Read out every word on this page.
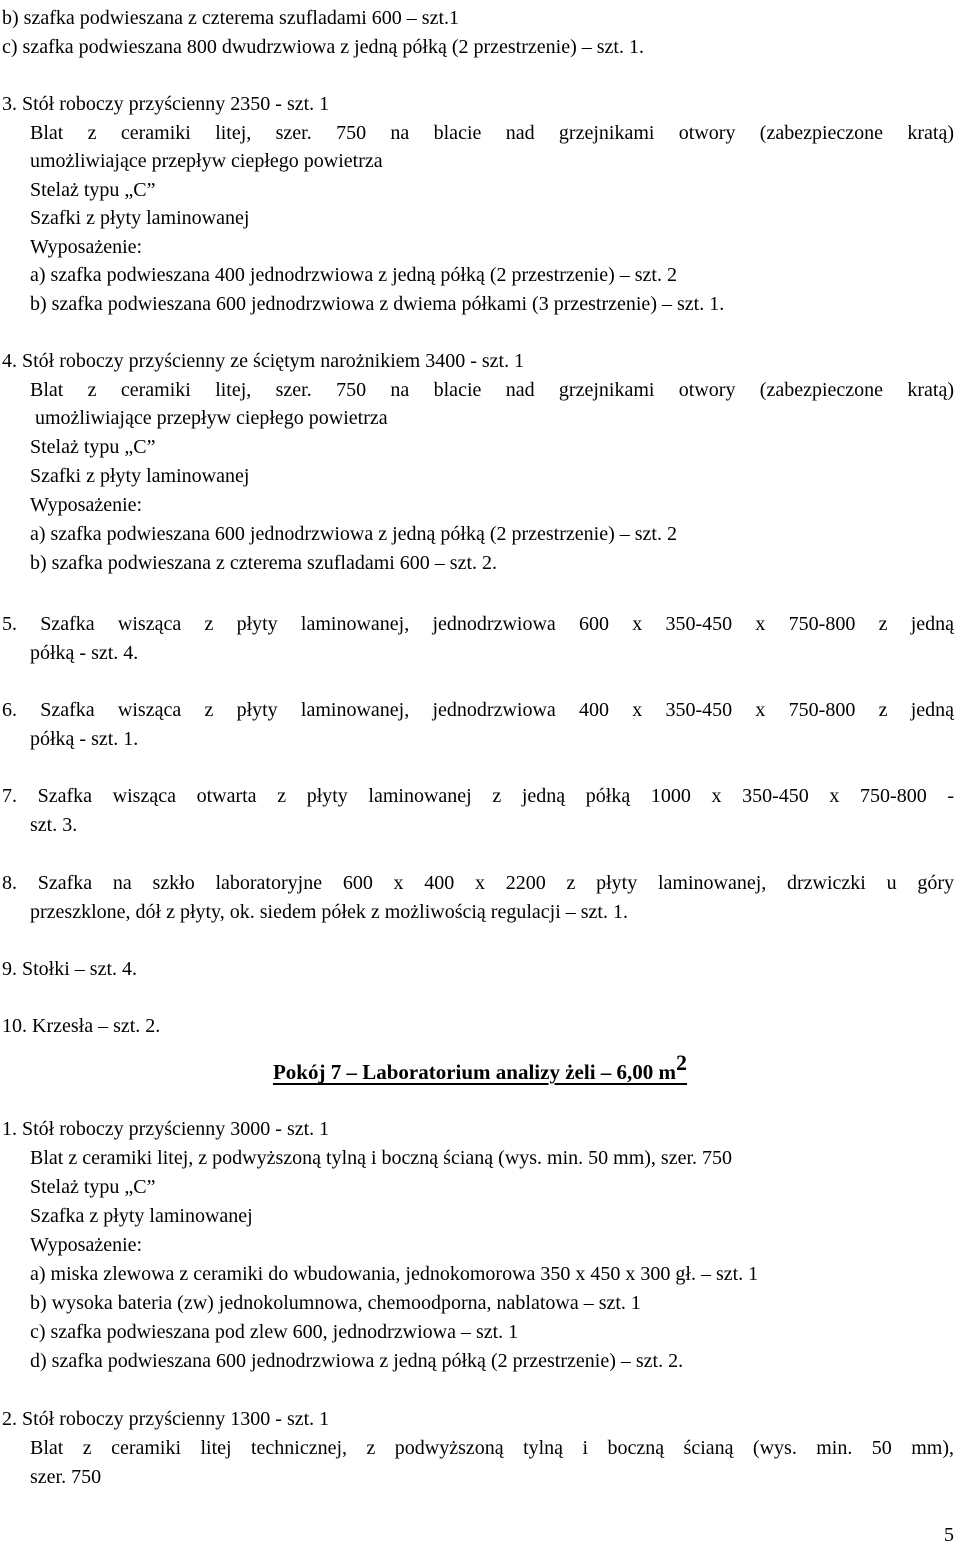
b) szafka podwieszana z czterema szufladami 600 – szt.1

c) szafka podwieszana 800 dwudrzwiowa z jedną półką (2 przestrzenie) – szt. 1.

3. Stół roboczy przyścienny 2350 - szt. 1

Blat z ceramiki litej, szer. 750 na blacie nad grzejnikami otwory (zabezpieczone kratą)

umożliwiające przepływ ciepłego powietrza

Stelaż typu „C”

Szafki z płyty laminowanej

Wyposażenie:

a) szafka podwieszana 400 jednodrzwiowa z jedną półką (2 przestrzenie) – szt. 2

b) szafka podwieszana 600 jednodrzwiowa z dwiema półkami (3 przestrzenie) – szt. 1.

4. Stół roboczy przyścienny ze ściętym narożnikiem 3400 - szt. 1

Blat z ceramiki litej, szer. 750 na blacie nad grzejnikami otwory (zabezpieczone kratą)

umożliwiające przepływ ciepłego powietrza

Stelaż typu „C”

Szafki z płyty laminowanej

Wyposażenie:

a) szafka podwieszana 600 jednodrzwiowa z jedną półką (2 przestrzenie) – szt. 2

b) szafka podwieszana z czterema szufladami 600 – szt. 2.

5. Szafka wisząca z płyty laminowanej, jednodrzwiowa 600 x 350-450 x 750-800 z jedną

półką - szt. 4.

6. Szafka wisząca z płyty laminowanej, jednodrzwiowa 400 x 350-450 x 750-800 z jedną

półką - szt. 1.

7. Szafka wisząca otwarta z płyty laminowanej z jedną półką 1000 x 350-450 x 750-800 -

szt. 3.

8. Szafka na szkło laboratoryjne 600 x 400 x 2200 z płyty laminowanej, drzwiczki u góry

przeszklone, dół z płyty, ok. siedem półek z możliwością regulacji – szt. 1.

9. Stołki – szt. 4.

10. Krzesła – szt. 2.

Pokój 7 – Laboratorium analizy żeli – 6,00 $m^2$

1. Stół roboczy przyścienny 3000 - szt. 1

Blat z ceramiki litej, z podwyższoną tylną i boczną ścianą (wys. min. 50 mm), szer. 750

Stelaż typu „C”

Szafka z płyty laminowanej

Wyposażenie:

a) miska zlewowa z ceramiki do wbudowania, jednokomorowa 350 x 450 x 300 gł. – szt. 1

b) wysoka bateria (zw) jednokolumnowa, chemoodporna, nablatowa – szt. 1

c) szafka podwieszana pod zlew 600, jednodrzwiowa – szt. 1

d) szafka podwieszana 600 jednodrzwiowa z jedną półką (2 przestrzenie) – szt. 2.

2. Stół roboczy przyścienny 1300 - szt. 1

Blat z ceramiki litej technicznej, z podwyższoną tylną i boczną ścianą (wys. min. 50 mm),

szer. 750

5
